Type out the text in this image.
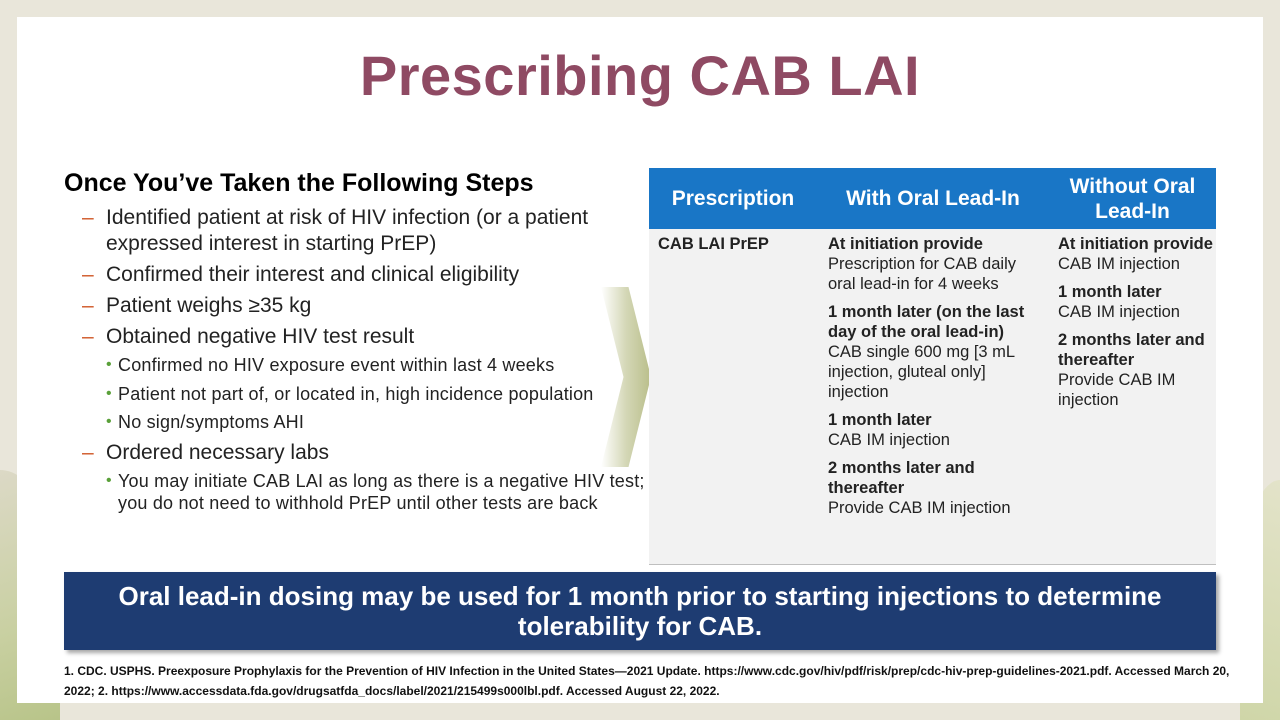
Prescribing CAB LAI
Once You’ve Taken the Following Steps
– Identified patient at risk of HIV infection (or a patient expressed interest in starting PrEP)
– Confirmed their interest and clinical eligibility
– Patient weighs ≥35 kg
– Obtained negative HIV test result
• Confirmed no HIV exposure event within last 4 weeks
• Patient not part of, or located in, high incidence population
• No sign/symptoms AHI
– Ordered necessary labs
• You may initiate CAB LAI as long as there is a negative HIV test; you do not need to withhold PrEP until other tests are back
Prescription	With Oral Lead-In
Without Oral Lead-In
CAB LAI PrEP	At initiation provide
Prescription for CAB daily oral lead-in for 4 weeks
1 month later (on the last day of the oral lead-in)
CAB single 600 mg [3 mL injection, gluteal only] injection
1 month later
CAB IM injection
2 months later and thereafter
Provide CAB IM injection
At initiation provide
CAB IM injection
1 month later
CAB IM injection
2 months later and thereafter
Provide CAB IM injection
Oral lead-in dosing may be used for 1 month prior to starting injections to determine tolerability for CAB.
1. CDC. USPHS. Preexposure Prophylaxis for the Prevention of HIV Infection in the United States—2021 Update. https://www.cdc.gov/hiv/pdf/risk/prep/cdc-hiv-prep-guidelines-2021.pdf. Accessed March 20, 2022; 2. https://www.accessdata.fda.gov/drugsatfda_docs/label/2021/215499s000lbl.pdf. Accessed August 22, 2022.
